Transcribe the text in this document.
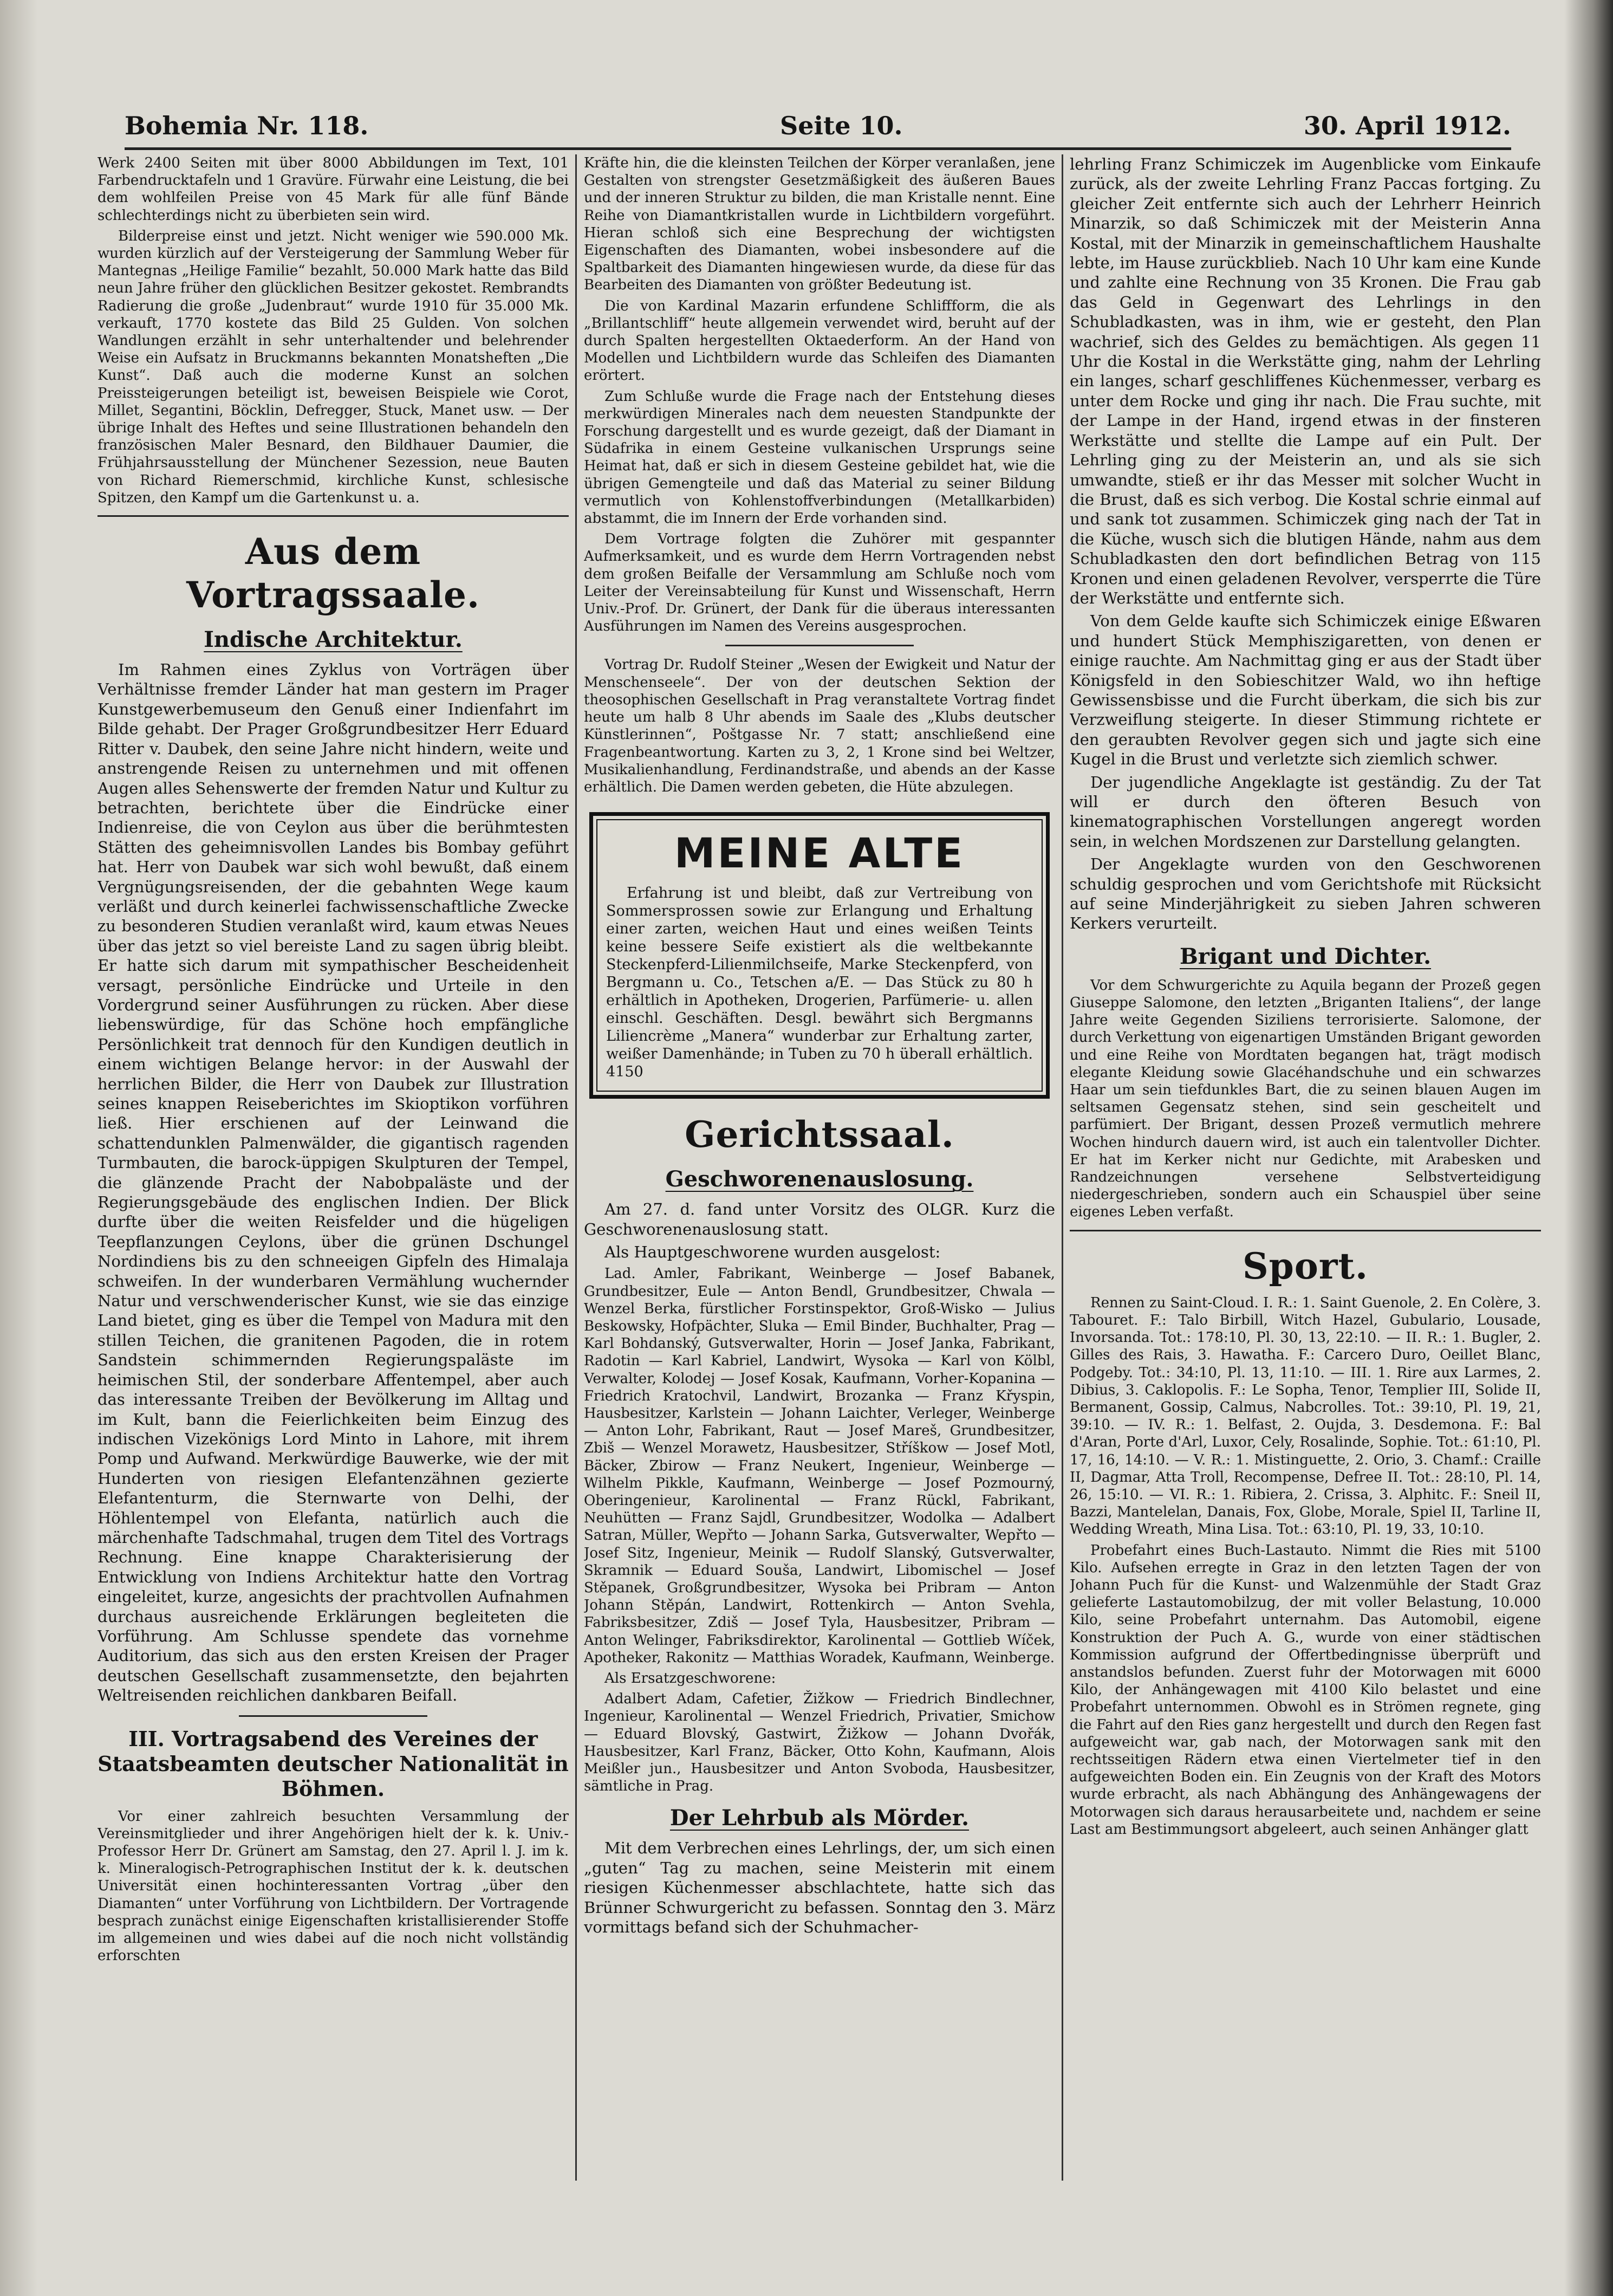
Bohemia Nr. 118.	Seite 10.	30. April 1912.

Werk 2400 Seiten mit über 8000 Abbildungen im Text, 101 Farbendrucktafeln und 1 Gravüre. Fürwahr eine Leistung, die bei dem wohlfeilen Preise von 45 Mark für alle fünf Bände schlechterdings nicht zu überbieten sein wird.

Bilderpreise einst und jetzt. Nicht weniger wie 590.000 Mk. wurden kürzlich auf der Versteigerung der Sammlung Weber für Mantegnas „Heilige Familie“ bezahlt, 50.000 Mark hatte das Bild neun Jahre früher den glücklichen Besitzer gekostet. Rembrandts Radierung die große „Judenbraut“ wurde 1910 für 35.000 Mk. verkauft, 1770 kostete das Bild 25 Gulden. Von solchen Wandlungen erzählt in sehr unterhaltender und belehrender Weise ein Aufsatz in Bruckmanns bekannten Monatsheften „Die Kunst“. Daß auch die moderne Kunst an solchen Preissteigerungen beteiligt ist, beweisen Beispiele wie Corot, Millet, Segantini, Böcklin, Defregger, Stuck, Manet usw. — Der übrige Inhalt des Heftes und seine Illustrationen behandeln den französischen Maler Besnard, den Bildhauer Daumier, die Frühjahrsausstellung der Münchener Sezession, neue Bauten von Richard Riemerschmid, kirchliche Kunst, schlesische Spitzen, den Kampf um die Gartenkunst u. a.

Aus dem Vortragssaale.
Indische Architektur.

Im Rahmen eines Zyklus von Vorträgen über Verhältnisse fremder Länder hat man gestern im Prager Kunstgewerbemuseum den Genuß einer Indienfahrt im Bilde gehabt. Der Prager Großgrundbesitzer Herr Eduard Ritter v. Daubek, den seine Jahre nicht hindern, weite und anstrengende Reisen zu unternehmen und mit offenen Augen alles Sehenswerte der fremden Natur und Kultur zu betrachten, berichtete über die Eindrücke einer Indienreise, die von Ceylon aus über die berühmtesten Stätten des geheimnisvollen Landes bis Bombay geführt hat. Herr von Daubek war sich wohl bewußt, daß einem Vergnügungsreisenden, der die gebahnten Wege kaum verläßt und durch keinerlei fachwissenschaftliche Zwecke zu besonderen Studien veranlaßt wird, kaum etwas Neues über das jetzt so viel bereiste Land zu sagen übrig bleibt. Er hatte sich darum mit sympathischer Bescheidenheit versagt, persönliche Eindrücke und Urteile in den Vordergrund seiner Ausführungen zu rücken. Aber diese liebenswürdige, für das Schöne hoch empfängliche Persönlichkeit trat dennoch für den Kundigen deutlich in einem wichtigen Belange hervor: in der Auswahl der herrlichen Bilder, die Herr von Daubek zur Illustration seines knappen Reiseberichtes im Skioptikon vorführen ließ. Hier erschienen auf der Leinwand die schattendunklen Palmenwälder, die gigantisch ragenden Turmbauten, die barock-üppigen Skulpturen der Tempel, die glänzende Pracht der Nabobpaläste und der Regierungsgebäude des englischen Indien. Der Blick durfte über die weiten Reisfelder und die hügeligen Teepflanzungen Ceylons, über die grünen Dschungel Nordindiens bis zu den schneeigen Gipfeln des Himalaja schweifen. In der wunderbaren Vermählung wuchernder Natur und verschwenderischer Kunst, wie sie das einzige Land bietet, ging es über die Tempel von Madura mit den stillen Teichen, die granitenen Pagoden, die in rotem Sandstein schimmernden Regierungspaläste im heimischen Stil, der sonderbare Affentempel, aber auch das interessante Treiben der Bevölkerung im Alltag und im Kult, bann die Feierlichkeiten beim Einzug des indischen Vizekönigs Lord Minto in Lahore, mit ihrem Pomp und Aufwand. Merkwürdige Bauwerke, wie der mit Hunderten von riesigen Elefantenzähnen gezierte Elefantenturm, die Sternwarte von Delhi, der Höhlentempel von Elefanta, natürlich auch die märchenhafte Tadschmahal, trugen dem Titel des Vortrags Rechnung. Eine knappe Charakterisierung der Entwicklung von Indiens Architektur hatte den Vortrag eingeleitet, kurze, angesichts der prachtvollen Aufnahmen durchaus ausreichende Erklärungen begleiteten die Vorführung. Am Schlusse spendete das vornehme Auditorium, das sich aus den ersten Kreisen der Prager deutschen Gesellschaft zusammensetzte, den bejahrten Weltreisenden reichlichen dankbaren Beifall.

III. Vortragsabend des Vereines der Staatsbeamten deutscher Nationalität in Böhmen.

Vor einer zahlreich besuchten Versammlung der Vereinsmitglieder und ihrer Angehörigen hielt der k. k. Univ.-Professor Herr Dr. Grünert am Samstag, den 27. April l. J. im k. k. Mineralogisch-Petrographischen Institut der k. k. deutschen Universität einen hochinteressanten Vortrag „über den Diamanten“ unter Vorführung von Lichtbildern. Der Vortragende besprach zunächst einige Eigenschaften kristallisierender Stoffe im allgemeinen und wies dabei auf die noch nicht vollständig erforschten

Kräfte hin, die die kleinsten Teilchen der Körper veranlaßen, jene Gestalten von strengster Gesetzmäßigkeit des äußeren Baues und der inneren Struktur zu bilden, die man Kristalle nennt. Eine Reihe von Diamantkristallen wurde in Lichtbildern vorgeführt. Hieran schloß sich eine Besprechung der wichtigsten Eigenschaften des Diamanten, wobei insbesondere auf die Spaltbarkeit des Diamanten hingewiesen wurde, da diese für das Bearbeiten des Diamanten von größter Bedeutung ist.

Die von Kardinal Mazarin erfundene Schliffform, die als „Brillantschliff“ heute allgemein verwendet wird, beruht auf der durch Spalten hergestellten Oktaederform. An der Hand von Modellen und Lichtbildern wurde das Schleifen des Diamanten erörtert.

Zum Schluße wurde die Frage nach der Entstehung dieses merkwürdigen Minerales nach dem neuesten Standpunkte der Forschung dargestellt und es wurde gezeigt, daß der Diamant in Südafrika in einem Gesteine vulkanischen Ursprungs seine Heimat hat, daß er sich in diesem Gesteine gebildet hat, wie die übrigen Gemengteile und daß das Material zu seiner Bildung vermutlich von Kohlenstoffverbindungen (Metallkarbiden) abstammt, die im Innern der Erde vorhanden sind.

Dem Vortrage folgten die Zuhörer mit gespannter Aufmerksamkeit, und es wurde dem Herrn Vortragenden nebst dem großen Beifalle der Versammlung am Schluße noch vom Leiter der Vereinsabteilung für Kunst und Wissenschaft, Herrn Univ.-Prof. Dr. Grünert, der Dank für die überaus interessanten Ausführungen im Namen des Vereins ausgesprochen.

Vortrag Dr. Rudolf Steiner „Wesen der Ewigkeit und Natur der Menschenseele“. Der von der deutschen Sektion der theosophischen Gesellschaft in Prag veranstaltete Vortrag findet heute um halb 8 Uhr abends im Saale des „Klubs deutscher Künstlerinnen“, Poštgasse Nr. 7 statt; anschließend eine Fragenbeantwortung. Karten zu 3, 2, 1 Krone sind bei Weltzer, Musikalienhandlung, Ferdinandstraße, und abends an der Kasse erhältlich. Die Damen werden gebeten, die Hüte abzulegen.

MEINE ALTE

Erfahrung ist und bleibt, daß zur Vertreibung von Sommersprossen sowie zur Erlangung und Erhaltung einer zarten, weichen Haut und eines weißen Teints keine bessere Seife existiert als die weltbekannte Steckenpferd-Lilienmilchseife, Marke Steckenpferd, von Bergmann u. Co., Tetschen a/E. — Das Stück zu 80 h erhältlich in Apotheken, Drogerien, Parfümerie- u. allen einschl. Geschäften. Desgl. bewährt sich Bergmanns Liliencrème „Manera“ wunderbar zur Erhaltung zarter, weißer Damenhände; in Tuben zu 70 h überall erhältlich. 4150

Gerichtssaal.
Geschworenenauslosung.

Am 27. d. fand unter Vorsitz des OLGR. Kurz die Geschworenenauslosung statt.

Als Hauptgeschworene wurden ausgelost:

Lad. Amler, Fabrikant, Weinberge — Josef Babanek, Grundbesitzer, Eule — Anton Bendl, Grundbesitzer, Chwala — Wenzel Berka, fürstlicher Forstinspektor, Groß-Wisko — Julius Beskowsky, Hofpächter, Sluka — Emil Binder, Buchhalter, Prag — Karl Bohdanský, Gutsverwalter, Horin — Josef Janka, Fabrikant, Radotin — Karl Kabriel, Landwirt, Wysoka — Karl von Kölbl, Verwalter, Kolodej — Josef Kosak, Kaufmann, Vorher-Kopanina — Friedrich Kratochvil, Landwirt, Brozanka — Franz Křyspin, Hausbesitzer, Karlstein — Johann Laichter, Verleger, Weinberge — Anton Lohr, Fabrikant, Raut — Josef Mareš, Grundbesitzer, Zbiš — Wenzel Morawetz, Hausbesitzer, Stříškow — Josef Motl, Bäcker, Zbirow — Franz Neukert, Ingenieur, Weinberge — Wilhelm Pikkle, Kaufmann, Weinberge — Josef Pozmourný, Oberingenieur, Karolinental — Franz Rückl, Fabrikant, Neuhütten — Franz Sajdl, Grundbesitzer, Wodolka — Adalbert Satran, Müller, Wepřto — Johann Sarka, Gutsverwalter, Wepřto — Josef Sitz, Ingenieur, Meinik — Rudolf Slanský, Gutsverwalter, Skramnik — Eduard Souša, Landwirt, Libomischel — Josef Stěpanek, Großgrundbesitzer, Wysoka bei Pribram — Anton Johann Stěpán, Landwirt, Rottenkirch — Anton Svehla, Fabriksbesitzer, Zdiš — Josef Tyla, Hausbesitzer, Pribram — Anton Welinger, Fabriksdirektor, Karolinental — Gottlieb Wíček, Apotheker, Rakonitz — Matthias Woradek, Kaufmann, Weinberge.

Als Ersatzgeschworene:

Adalbert Adam, Cafetier, Žižkow — Friedrich Bindlechner, Ingenieur, Karolinental — Wenzel Friedrich, Privatier, Smichow — Eduard Blovský, Gastwirt, Žižkow — Johann Dvořák, Hausbesitzer, Karl Franz, Bäcker, Otto Kohn, Kaufmann, Alois Meißler jun., Hausbesitzer und Anton Svoboda, Hausbesitzer, sämtliche in Prag.

Der Lehrbub als Mörder.

Mit dem Verbrechen eines Lehrlings, der, um sich einen „guten“ Tag zu machen, seine Meisterin mit einem riesigen Küchenmesser abschlachtete, hatte sich das Brünner Schwurgericht zu befassen. Sonntag den 3. März vormittags befand sich der Schuhmacher-

lehrling Franz Schimiczek im Augenblicke vom Einkaufe zurück, als der zweite Lehrling Franz Paccas fortging. Zu gleicher Zeit entfernte sich auch der Lehrherr Heinrich Minarzik, so daß Schimiczek mit der Meisterin Anna Kostal, mit der Minarzik in gemeinschaftlichem Haushalte lebte, im Hause zurückblieb. Nach 10 Uhr kam eine Kunde und zahlte eine Rechnung von 35 Kronen. Die Frau gab das Geld in Gegenwart des Lehrlings in den Schubladkasten, was in ihm, wie er gesteht, den Plan wachrief, sich des Geldes zu bemächtigen. Als gegen 11 Uhr die Kostal in die Werkstätte ging, nahm der Lehrling ein langes, scharf geschliffenes Küchenmesser, verbarg es unter dem Rocke und ging ihr nach. Die Frau suchte, mit der Lampe in der Hand, irgend etwas in der finsteren Werkstätte und stellte die Lampe auf ein Pult. Der Lehrling ging zu der Meisterin an, und als sie sich umwandte, stieß er ihr das Messer mit solcher Wucht in die Brust, daß es sich verbog. Die Kostal schrie einmal auf und sank tot zusammen. Schimiczek ging nach der Tat in die Küche, wusch sich die blutigen Hände, nahm aus dem Schubladkasten den dort befindlichen Betrag von 115 Kronen und einen geladenen Revolver, versperrte die Türe der Werkstätte und entfernte sich.

Von dem Gelde kaufte sich Schimiczek einige Eßwaren und hundert Stück Memphiszigaretten, von denen er einige rauchte. Am Nachmittag ging er aus der Stadt über Königsfeld in den Sobieschitzer Wald, wo ihn heftige Gewissensbisse und die Furcht überkam, die sich bis zur Verzweiflung steigerte. In dieser Stimmung richtete er den geraubten Revolver gegen sich und jagte sich eine Kugel in die Brust und verletzte sich ziemlich schwer.

Der jugendliche Angeklagte ist geständig. Zu der Tat will er durch den öfteren Besuch von kinematographischen Vorstellungen angeregt worden sein, in welchen Mordszenen zur Darstellung gelangten.

Der Angeklagte wurden von den Geschworenen schuldig gesprochen und vom Gerichtshofe mit Rücksicht auf seine Minderjährigkeit zu sieben Jahren schweren Kerkers verurteilt.

Brigant und Dichter.

Vor dem Schwurgerichte zu Aquila begann der Prozeß gegen Giuseppe Salomone, den letzten „Briganten Italiens“, der lange Jahre weite Gegenden Siziliens terrorisierte. Salomone, der durch Verkettung von eigenartigen Umständen Brigant geworden und eine Reihe von Mordtaten begangen hat, trägt modisch elegante Kleidung sowie Glacéhandschuhe und ein schwarzes Haar um sein tiefdunkles Bart, die zu seinen blauen Augen im seltsamen Gegensatz stehen, sind sein gescheitelt und parfümiert. Der Brigant, dessen Prozeß vermutlich mehrere Wochen hindurch dauern wird, ist auch ein talentvoller Dichter. Er hat im Kerker nicht nur Gedichte, mit Arabesken und Randzeichnungen versehene Selbstverteidigung niedergeschrieben, sondern auch ein Schauspiel über seine eigenes Leben verfaßt.

Sport.

Rennen zu Saint-Cloud. I. R.: 1. Saint Guenole, 2. En Colère, 3. Tabouret. F.: Talo Birbill, Witch Hazel, Gubulario, Lousade, Invorsanda. Tot.: 178:10, Pl. 30, 13, 22:10. — II. R.: 1. Bugler, 2. Gilles des Rais, 3. Hawatha. F.: Carcero Duro, Oeillet Blanc, Podgeby. Tot.: 34:10, Pl. 13, 11:10. — III. 1. Rire aux Larmes, 2. Dibius, 3. Caklopolis. F.: Le Sopha, Tenor, Templier III, Solide II, Bermanent, Gossip, Calmus, Nabcrolles. Tot.: 39:10, Pl. 19, 21, 39:10. — IV. R.: 1. Belfast, 2. Oujda, 3. Desdemona. F.: Bal d'Aran, Porte d'Arl, Luxor, Cely, Rosalinde, Sophie. Tot.: 61:10, Pl. 17, 16, 14:10. — V. R.: 1. Mistinguette, 2. Orio, 3. Chamf.: Craille II, Dagmar, Atta Troll, Recompense, Defree II. Tot.: 28:10, Pl. 14, 26, 15:10. — VI. R.: 1. Ribiera, 2. Crissa, 3. Alphitc. F.: Sneil II, Bazzi, Mantelelan, Danais, Fox, Globe, Morale, Spiel II, Tarline II, Wedding Wreath, Mina Lisa. Tot.: 63:10, Pl. 19, 33, 10:10.

Probefahrt eines Buch-Lastauto. Nimmt die Ries mit 5100 Kilo. Aufsehen erregte in Graz in den letzten Tagen der von Johann Puch für die Kunst- und Walzenmühle der Stadt Graz gelieferte Lastautomobilzug, der mit voller Belastung, 10.000 Kilo, seine Probefahrt unternahm. Das Automobil, eigene Konstruktion der Puch A. G., wurde von einer städtischen Kommission aufgrund der Offertbedingnisse überprüft und anstandslos befunden. Zuerst fuhr der Motorwagen mit 6000 Kilo, der Anhängewagen mit 4100 Kilo belastet und eine Probefahrt unternommen. Obwohl es in Strömen regnete, ging die Fahrt auf den Ries ganz hergestellt und durch den Regen fast aufgeweicht war, gab nach, der Motorwagen sank mit den rechtsseitigen Rädern etwa einen Viertelmeter tief in den aufgeweichten Boden ein. Ein Zeugnis von der Kraft des Motors wurde erbracht, als nach Abhängung des Anhängewagens der Motorwagen sich daraus herausarbeitete und, nachdem er seine Last am Bestimmungsort abgeleert, auch seinen Anhänger glatt
